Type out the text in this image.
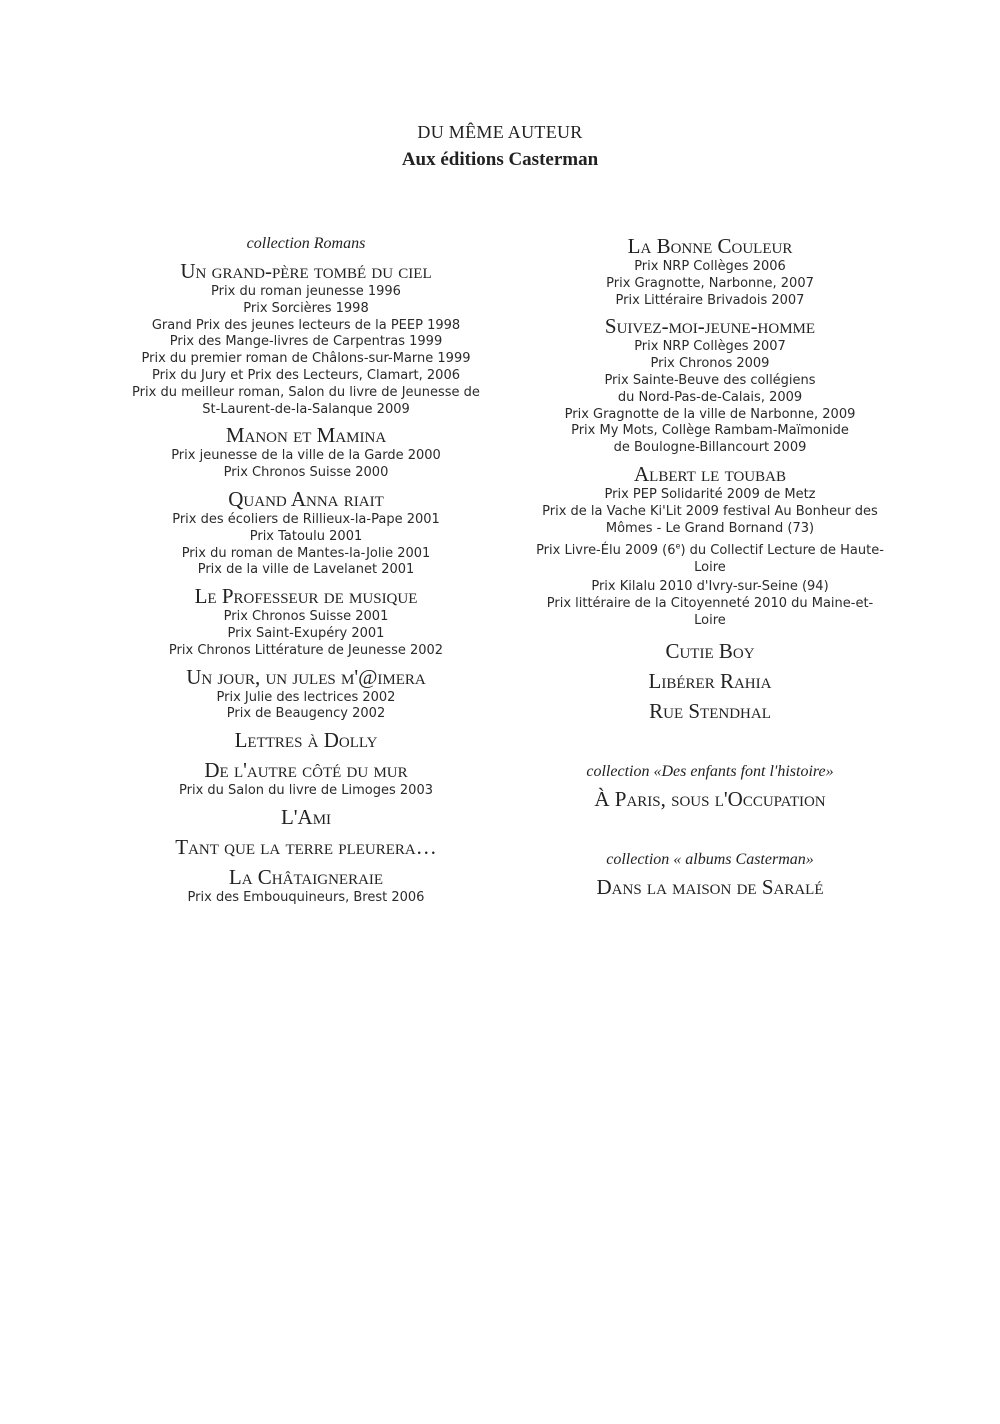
DU MÊME AUTEUR
Aux éditions Casterman
collection Romans
Un grand-père tombé du ciel
Prix du roman jeunesse 1996
Prix Sorcières 1998
Grand Prix des jeunes lecteurs de la PEEP 1998
Prix des Mange-livres de Carpentras 1999
Prix du premier roman de Châlons-sur-Marne 1999
Prix du Jury et Prix des Lecteurs, Clamart, 2006
Prix du meilleur roman, Salon du livre de Jeunesse de
St-Laurent-de-la-Salanque 2009
Manon et Mamina
Prix jeunesse de la ville de la Garde 2000
Prix Chronos Suisse 2000
Quand Anna riait
Prix des écoliers de Rillieux-la-Pape 2001
Prix Tatoulu 2001
Prix du roman de Mantes-la-Jolie 2001
Prix de la ville de Lavelanet 2001
Le Professeur de musique
Prix Chronos Suisse 2001
Prix Saint-Exupéry 2001
Prix Chronos Littérature de Jeunesse 2002
Un jour, un jules m'@imera
Prix Julie des lectrices 2002
Prix de Beaugency 2002
Lettres à Dolly
De l'autre côté du mur
Prix du Salon du livre de Limoges 2003
L'Ami
Tant que la terre pleurera…
La Châtaigneraie
Prix des Embouquineurs, Brest 2006
La Bonne Couleur
Prix NRP Collèges 2006
Prix Gragnotte, Narbonne, 2007
Prix Littéraire Brivadois 2007
Suivez-moi-jeune-homme
Prix NRP Collèges 2007
Prix Chronos 2009
Prix Sainte-Beuve des collégiens
du Nord-Pas-de-Calais, 2009
Prix Gragnotte de la ville de Narbonne, 2009
Prix My Mots, Collège Rambam-Maïmonide
de Boulogne-Billancourt 2009
Albert le toubab
Prix PEP Solidarité 2009 de Metz
Prix de la Vache Ki'Lit 2009 festival Au Bonheur des
Mômes - Le Grand Bornand (73)
Prix Livre-Élu 2009 (6e) du Collectif Lecture de Haute-
Loire
Prix Kilalu 2010 d'Ivry-sur-Seine (94)
Prix littéraire de la Citoyenneté 2010 du Maine-et-
Loire
Cutie Boy
Libérer Rahia
Rue Stendhal
collection «Des enfants font l'histoire»
À Paris, sous l'Occupation
collection « albums Casterman»
Dans la maison de Saralé
